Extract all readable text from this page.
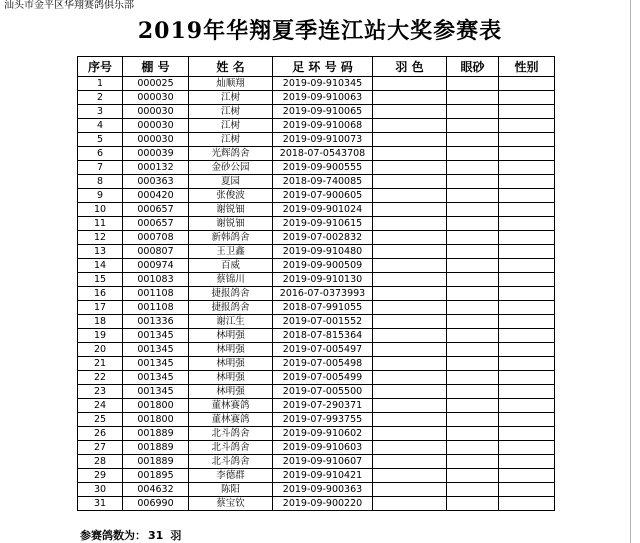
汕头市金平区华翔赛鸽俱乐部
2019年华翔夏季连江站大奖参赛表
序号	棚 号	姓 名	足 环 号 码	羽 色	眼砂	性别
1	000025	灿顺翔	2019-09-910345			
2	000030	江树	2019-09-910063			
3	000030	江树	2019-09-910065			
4	000030	江树	2019-09-910068			
5	000030	江树	2019-09-910073			
6	000039	光辉鸽舍	2018-07-0543708			
7	000132	金砂公园	2019-09-900555			
8	000363	夏园	2018-09-740085			
9	000420	张俊波	2019-07-900605			
10	000657	谢锐钿	2019-09-901024			
11	000657	谢锐钿	2019-09-910615			
12	000708	新韩鸽舍	2019-07-002832			
13	000807	王卫鑫	2019-09-910480			
14	000974	百威	2019-09-900509			
15	001083	蔡锦川	2019-09-910130			
16	001108	捷报鸽舍	2016-07-0373993			
17	001108	捷报鸽舍	2018-07-991055			
18	001336	谢江生	2019-07-001552			
19	001345	林明强	2018-07-815364			
20	001345	林明强	2019-07-005497			
21	001345	林明强	2019-07-005498			
22	001345	林明强	2019-07-005499			
23	001345	林明强	2019-07-005500			
24	001800	董林赛鸽	2019-07-290371			
25	001800	董林赛鸽	2019-07-993755			
26	001889	北斗鸽舍	2019-09-910602			
27	001889	北斗鸽舍	2019-09-910603			
28	001889	北斗鸽舍	2019-09-910607			
29	001895	李德群	2019-09-910421			
30	004632	陈阳	2019-09-900363			
31	006990	蔡宝钦	2019-09-900220			
参赛鸽数为： 31 羽
